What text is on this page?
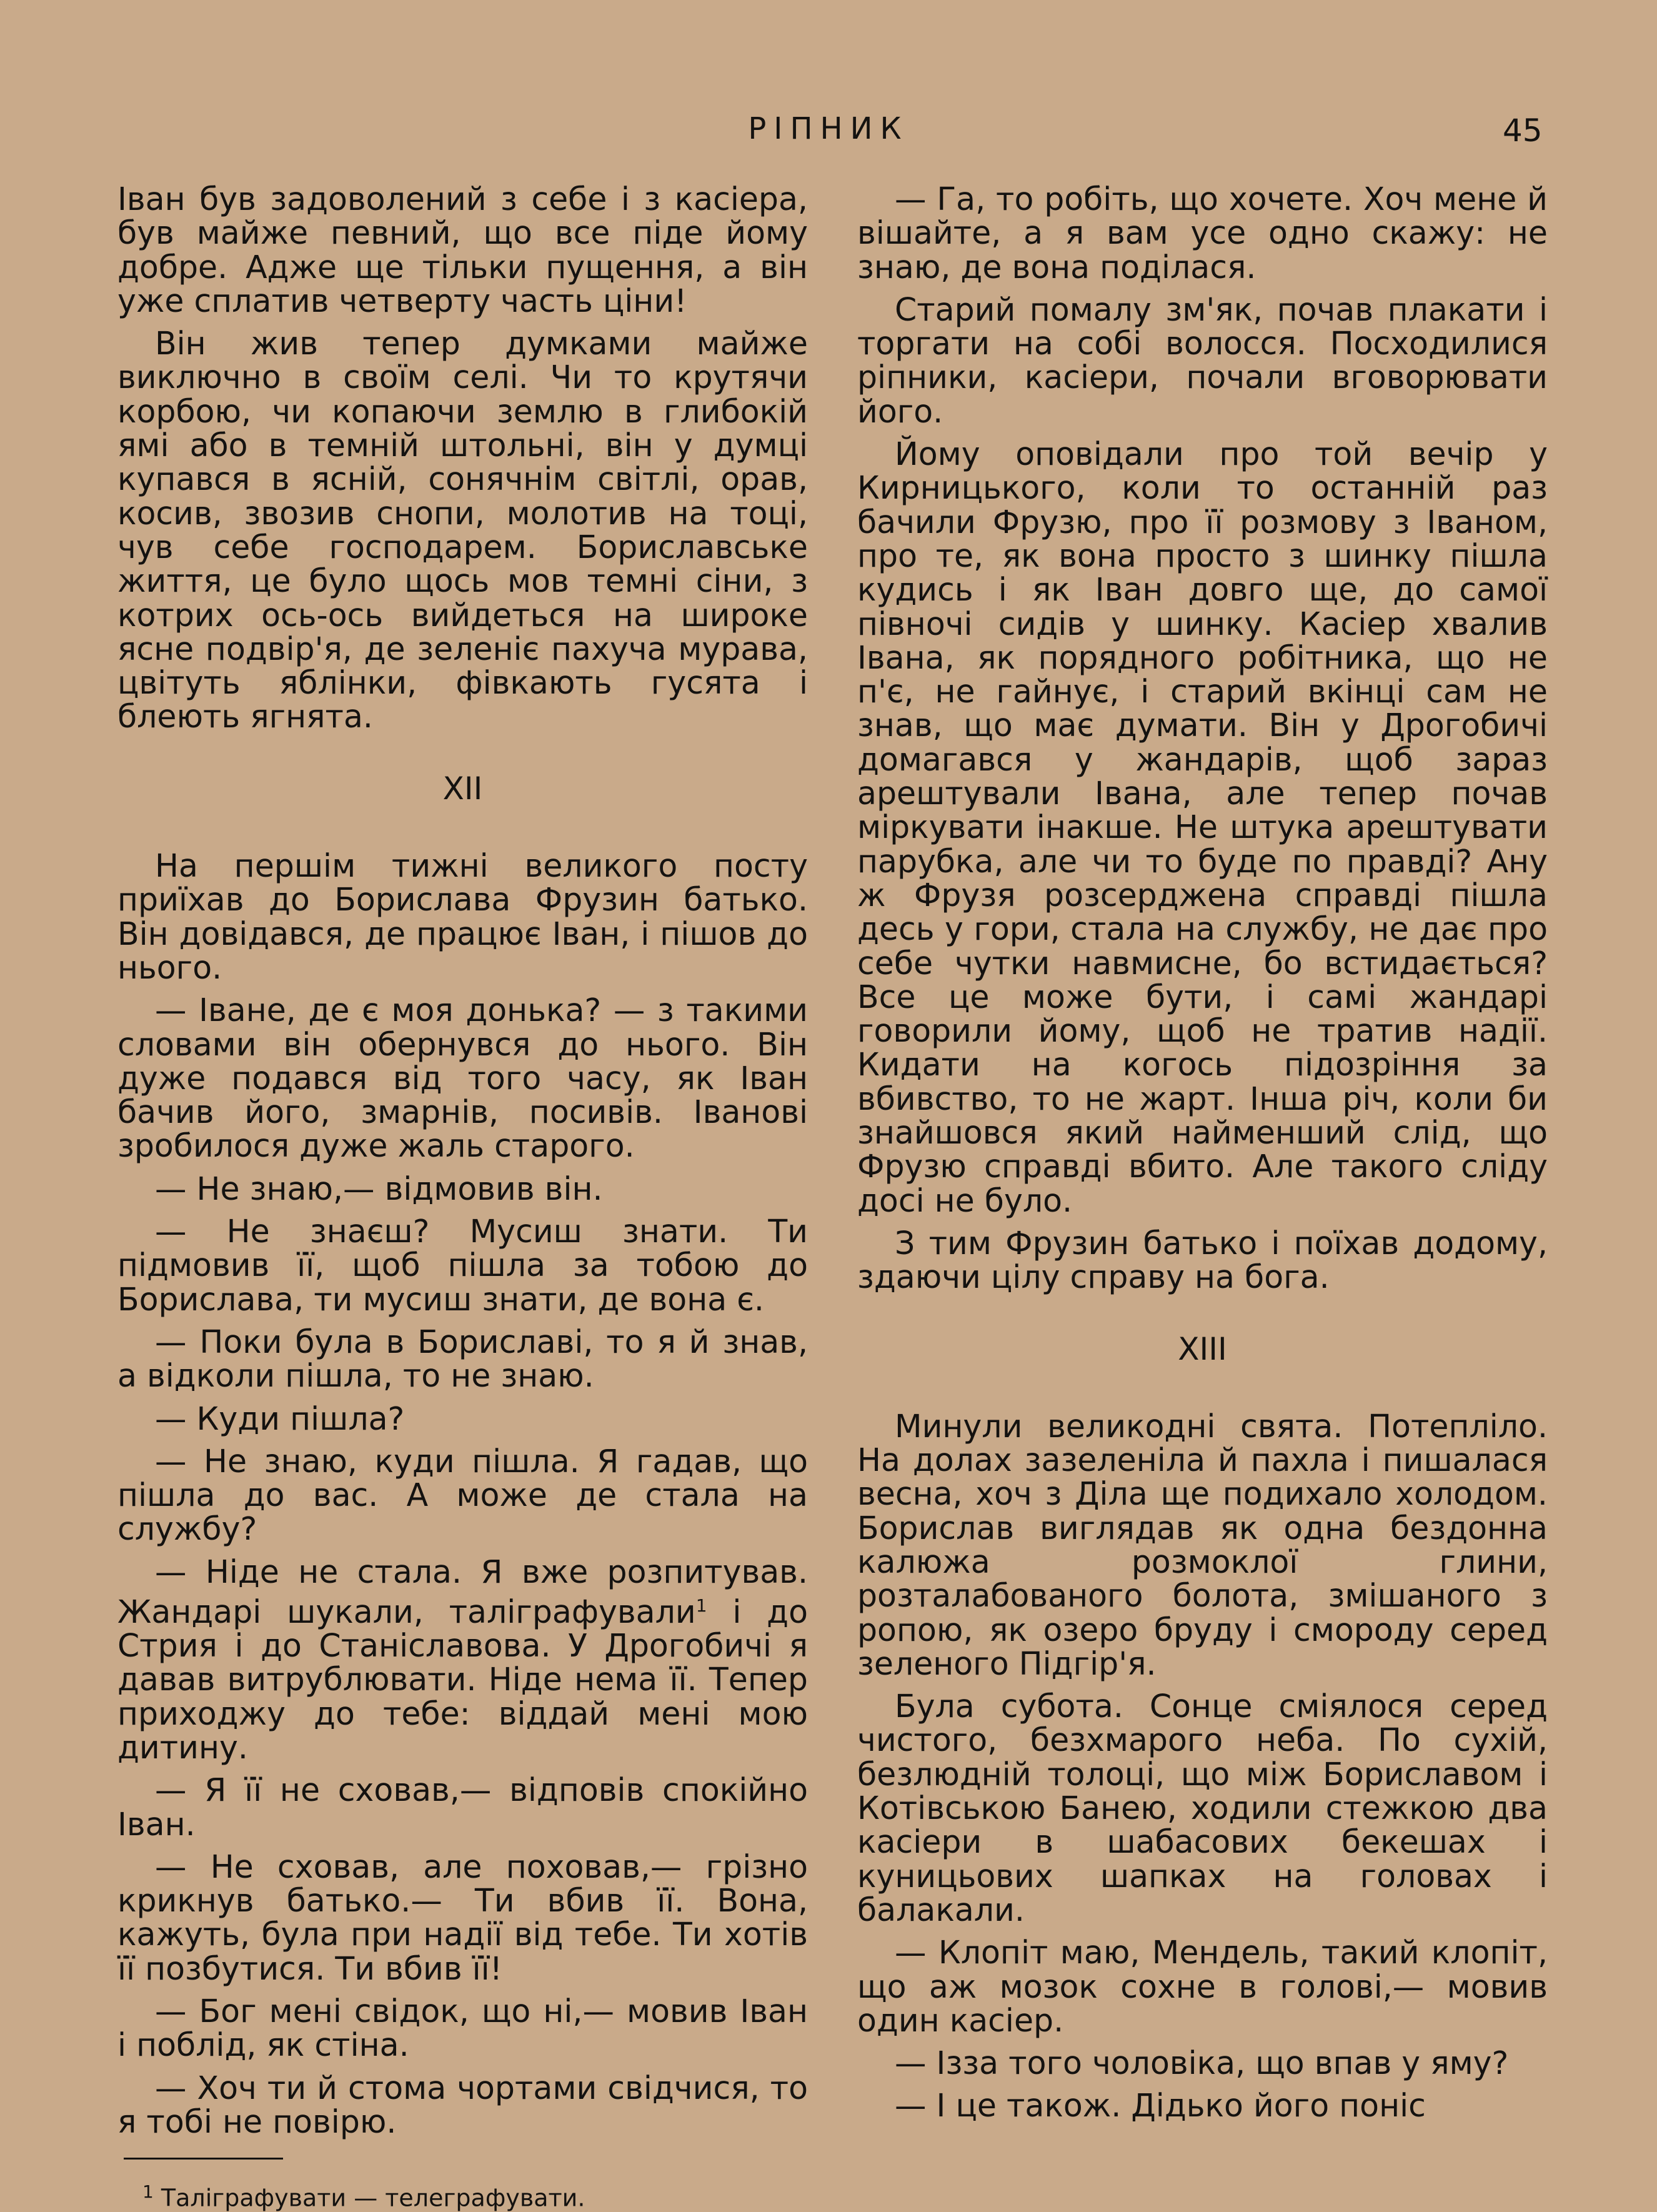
РІПНИК	45

Іван був задоволений з себе і з касіера, був майже певний, що все піде йому добре. Адже ще тільки пущення, а він уже сплатив четверту часть ціни!

Він жив тепер думками майже виключно в своїм селі. Чи то крутячи корбою, чи копаючи землю в глибокій ямі або в темній штольні, він у думці купався в ясній, сонячнім світлі, орав, косив, звозив снопи, молотив на тоці, чув себе господарем. Бориславське життя, це було щось мов темні сіни, з котрих ось-ось вийдеться на широке ясне подвір'я, де зеленіє пахуча мурава, цвітуть яблінки, фівкають гусята і блеють ягнята.

XII

На першім тижні великого посту приїхав до Борислава Фрузин батько. Він довідався, де працює Іван, і пішов до нього.

— Іване, де є моя донька? — з такими словами він обернувся до нього. Він дуже подався від того часу, як Іван бачив його, змарнів, посивів. Іванові зробилося дуже жаль старого.

— Не знаю,— відмовив він.

— Не знаєш? Мусиш знати. Ти підмовив її, щоб пішла за тобою до Борислава, ти мусиш знати, де вона є.

— Поки була в Бориславі, то я й знав, а відколи пішла, то не знаю.

— Куди пішла?

— Не знаю, куди пішла. Я гадав, що пішла до вас. А може де стала на службу?

— Ніде не стала. Я вже розпитував. Жандарі шукали, таліграфували$^1$ і до Стрия і до Станіславова. У Дрогобичі я давав витрублювати. Ніде нема її. Тепер приходжу до тебе: віддай мені мою дитину.

— Я її не сховав,— відповів спокійно Іван.

— Не сховав, але поховав,— грізно крикнув батько.— Ти вбив її. Вона, кажуть, була при надії від тебе. Ти хотів її позбутися. Ти вбив її!

— Бог мені свідок, що ні,— мовив Іван і поблід, як стіна.

— Хоч ти й стома чортами свідчися, то я тобі не повірю.

$^1$ Таліграфувати — телеграфувати.

— Га, то робіть, що хочете. Хоч мене й вішайте, а я вам усе одно скажу: не знаю, де вона поділася.

Старий помалу зм'як, почав плакати і торгати на собі волосся. Посходилися ріпники, касіери, почали вговорювати його.

Йому оповідали про той вечір у Кирницького, коли то останній раз бачили Фрузю, про її розмову з Іваном, про те, як вона просто з шинку пішла кудись і як Іван довго ще, до самої півночі сидів у шинку. Касіер хвалив Івана, як порядного робітника, що не п'є, не гайнує, і старий вкінці сам не знав, що має думати. Він у Дрогобичі домагався у жандарів, щоб зараз арештували Івана, але тепер почав міркувати інакше. Не штука арештувати парубка, але чи то буде по правді? Ану ж Фрузя розсерджена справді пішла десь у гори, стала на службу, не дає про себе чутки навмисне, бо встидається? Все це може бути, і самі жандарі говорили йому, щоб не тратив надії. Кидати на когось підозріння за вбивство, то не жарт. Інша річ, коли би знайшовся який найменший слід, що Фрузю справді вбито. Але такого сліду досі не було.

З тим Фрузин батько і поїхав додому, здаючи цілу справу на бога.

XIII

Минули великодні свята. Потепліло. На долах зазеленіла й пахла і пишалася весна, хоч з Діла ще подихало холодом. Борислав виглядав як одна бездонна калюжа розмоклої глини, розталабованого болота, змішаного з ропою, як озеро бруду і смороду серед зеленого Підгір'я.

Була субота. Сонце сміялося серед чистого, безхмарого неба. По сухій, безлюдній толоці, що між Бориславом і Котівською Банею, ходили стежкою два касіери в шабасових бекешах і куницьових шапках на головах і балакали.

— Клопіт маю, Мендель, такий клопіт, що аж мозок сохне в голові,— мовив один касіер.

— Ізза того чоловіка, що впав у яму?

— І це також. Дідько його поніс
